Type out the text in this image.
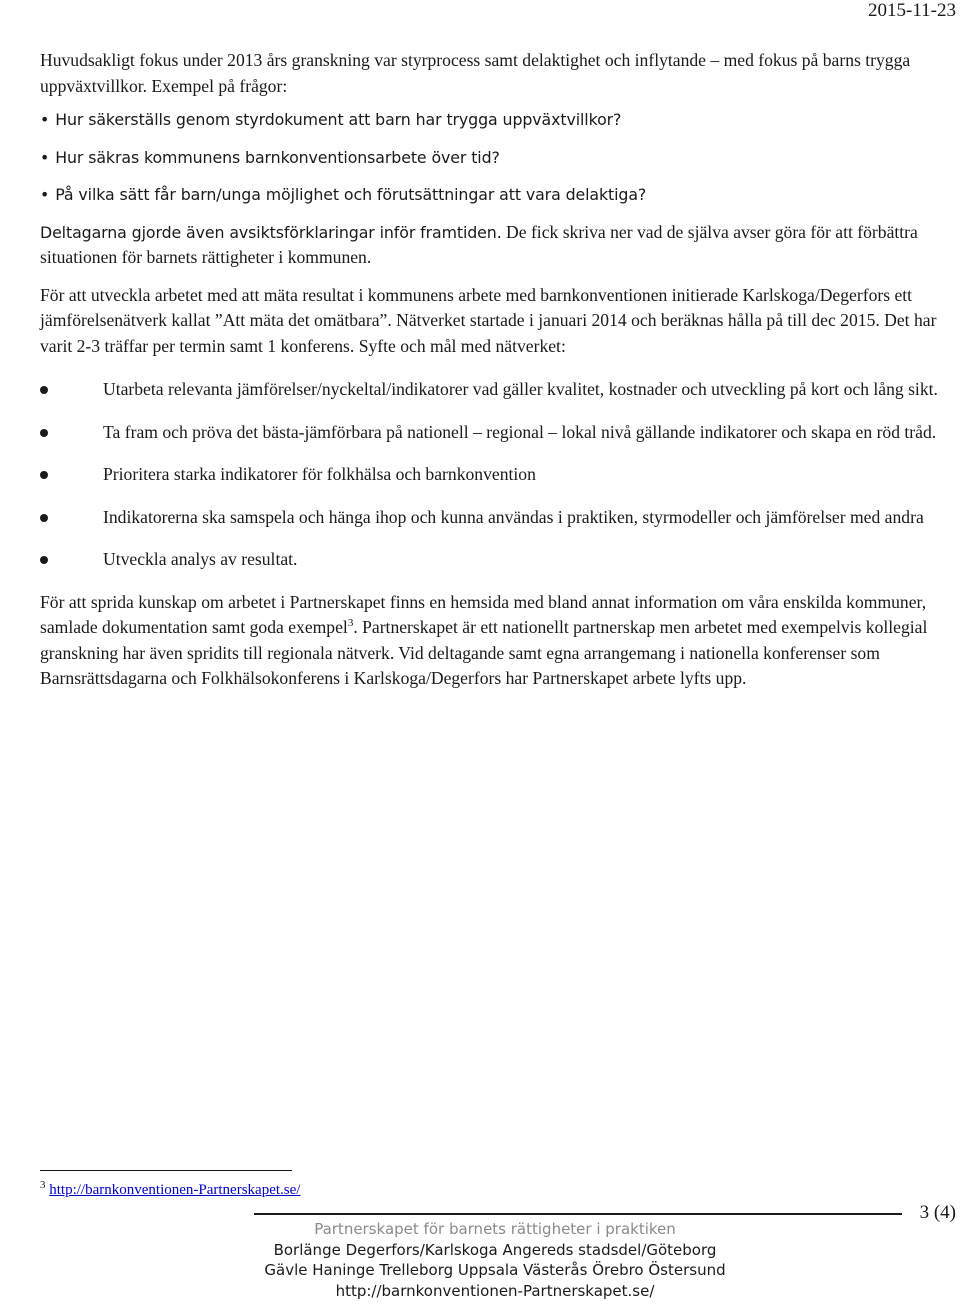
2015-11-23

Huvudsakligt fokus under 2013 års granskning var styrprocess samt delaktighet och inflytande – med fokus på barns trygga uppväxtvillkor. Exempel på frågor:

• Hur säkerställs genom styrdokument att barn har trygga uppväxtvillkor?
• Hur säkras kommunens barnkonventionsarbete över tid?
• På vilka sätt får barn/unga möjlighet och förutsättningar att vara delaktiga?

Deltagarna gjorde även avsiktsförklaringar inför framtiden. De fick skriva ner vad de själva avser göra för att förbättra situationen för barnets rättigheter i kommunen.

För att utveckla arbetet med att mäta resultat i kommunens arbete med barnkonventionen initierade Karlskoga/Degerfors ett jämförelsenätverk kallat ”Att mäta det omätbara”. Nätverket startade i januari 2014 och beräknas hålla på till dec 2015. Det har varit 2-3 träffar per termin samt 1 konferens. Syfte och mål med nätverket:

Utarbeta relevanta jämförelser/nyckeltal/indikatorer vad gäller kvalitet, kostnader och utveckling på kort och lång sikt.
Ta fram och pröva det bästa-jämförbara på nationell – regional – lokal nivå gällande indikatorer och skapa en röd tråd.
Prioritera starka indikatorer för folkhälsa och barnkonvention
Indikatorerna ska samspela och hänga ihop och kunna användas i praktiken, styrmodeller och jämförelser med andra
Utveckla analys av resultat.

För att sprida kunskap om arbetet i Partnerskapet finns en hemsida med bland annat information om våra enskilda kommuner, samlade dokumentation samt goda exempel$^3$. Partnerskapet är ett nationellt partnerskap men arbetet med exempelvis kollegial granskning har även spridits till regionala nätverk. Vid deltagande samt egna arrangemang i nationella konferenser som Barnsrättsdagarna och Folkhälsokonferens i Karlskoga/Degerfors har Partnerskapet arbete lyfts upp.

$^3$ http://barnkonventionen-Partnerskapet.se/
3 (4)
Partnerskapet för barnets rättigheter i praktiken
Borlänge Degerfors/Karlskoga Angereds stadsdel/Göteborg
Gävle Haninge Trelleborg Uppsala Västerås Örebro Östersund
http://barnkonventionen-Partnerskapet.se/
